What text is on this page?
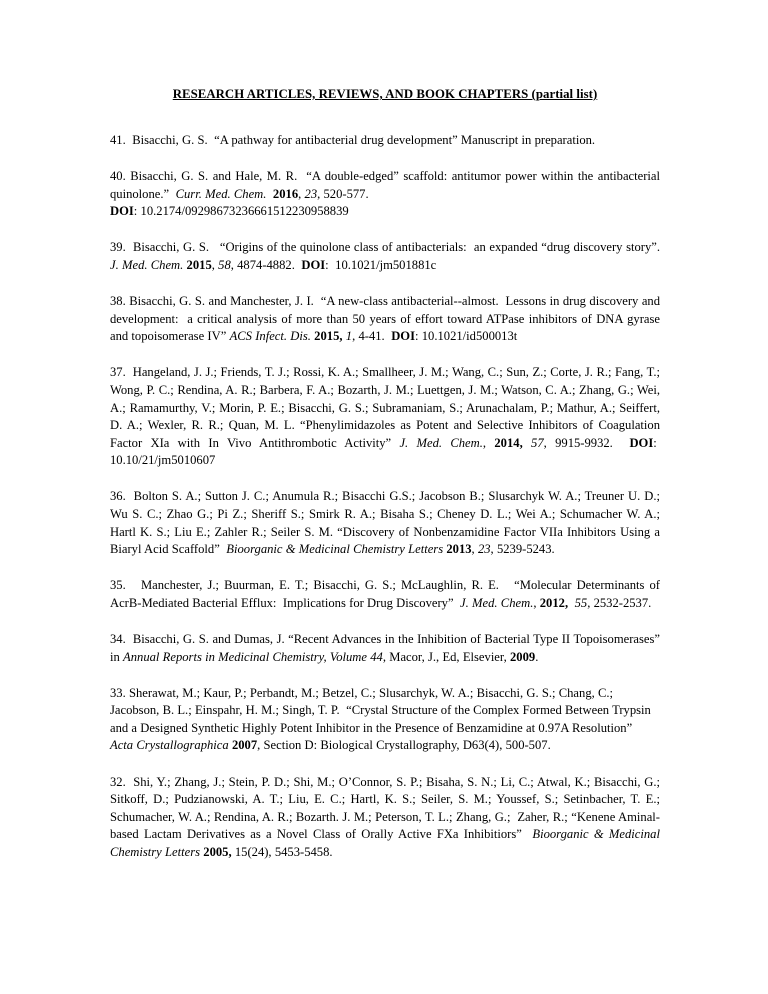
RESEARCH ARTICLES, REVIEWS, AND BOOK CHAPTERS (partial list)

41.  Bisacchi, G. S.  “A pathway for antibacterial drug development” Manuscript in preparation.

40. Bisacchi, G. S. and Hale, M. R.  “A double-edged” scaffold: antitumor power within the antibacterial quinolone.”  Curr. Med. Chem. 2016, 23, 520-577.
DOI: 10.2174/09298673236661512230958839

39.  Bisacchi, G. S.   “Origins of the quinolone class of antibacterials:  an expanded “drug discovery story”. J. Med. Chem. 2015, 58, 4874-4882.  DOI:  10.1021/jm501881c

38. Bisacchi, G. S. and Manchester, J. I.  “A new-class antibacterial--almost.  Lessons in drug discovery and development:  a critical analysis of more than 50 years of effort toward ATPase inhibitors of DNA gyrase and topoisomerase IV” ACS Infect. Dis. 2015, 1, 4-41.  DOI: 10.1021/id500013t

37.  Hangeland, J. J.; Friends, T. J.; Rossi, K. A.; Smallheer, J. M.; Wang, C.; Sun, Z.; Corte, J. R.; Fang, T.; Wong, P. C.; Rendina, A. R.; Barbera, F. A.; Bozarth, J. M.; Luettgen, J. M.; Watson, C. A.; Zhang, G.; Wei, A.; Ramamurthy, V.; Morin, P. E.; Bisacchi, G. S.; Subramaniam, S.; Arunachalam, P.; Mathur, A.; Seiffert, D. A.; Wexler, R. R.; Quan, M. L. “Phenylimidazoles as Potent and Selective Inhibitors of Coagulation Factor XIa with In Vivo Antithrombotic Activity” J. Med. Chem., 2014, 57, 9915-9932.  DOI:  10.10/21/jm5010607

36.  Bolton S. A.; Sutton J. C.; Anumula R.; Bisacchi G.S.; Jacobson B.; Slusarchyk W. A.; Treuner U. D.; Wu S. C.; Zhao G.; Pi Z.; Sheriff S.; Smirk R. A.; Bisaha S.; Cheney D. L.; Wei A.; Schumacher W. A.; Hartl K. S.; Liu E.; Zahler R.; Seiler S. M. “Discovery of Nonbenzamidine Factor VIIa Inhibitors Using a Biaryl Acid Scaffold”  Bioorganic & Medicinal Chemistry Letters 2013, 23, 5239-5243.

35.   Manchester, J.; Buurman, E. T.; Bisacchi, G. S.; McLaughlin, R. E.   “Molecular Determinants of AcrB-Mediated Bacterial Efflux:  Implications for Drug Discovery”  J. Med. Chem., 2012, 55, 2532-2537.

34.  Bisacchi, G. S. and Dumas, J. “Recent Advances in the Inhibition of Bacterial Type II Topoisomerases” in Annual Reports in Medicinal Chemistry, Volume 44, Macor, J., Ed, Elsevier, 2009.

33. Sherawat, M.; Kaur, P.; Perbandt, M.; Betzel, C.; Slusarchyk, W. A.; Bisacchi, G. S.; Chang, C.; Jacobson, B. L.; Einspahr, H. M.; Singh, T. P.  “Crystal Structure of the Complex Formed Between Trypsin and a Designed Synthetic Highly Potent Inhibitor in the Presence of Benzamidine at 0.97A Resolution”  Acta Crystallographica 2007, Section D: Biological Crystallography, D63(4), 500-507.

32.  Shi, Y.; Zhang, J.; Stein, P. D.; Shi, M.; O’Connor, S. P.; Bisaha, S. N.; Li, C.; Atwal, K.; Bisacchi, G.; Sitkoff, D.; Pudzianowski, A. T.; Liu, E. C.; Hartl, K. S.; Seiler, S. M.; Youssef, S.; Setinbacher, T. E.; Schumacher, W. A.; Rendina, A. R.; Bozarth. J. M.; Peterson, T. L.; Zhang, G.;  Zaher, R.; “Kenene Aminal-based Lactam Derivatives as a Novel Class of Orally Active FXa Inhibitiors”  Bioorganic & Medicinal Chemistry Letters 2005, 15(24), 5453-5458.
